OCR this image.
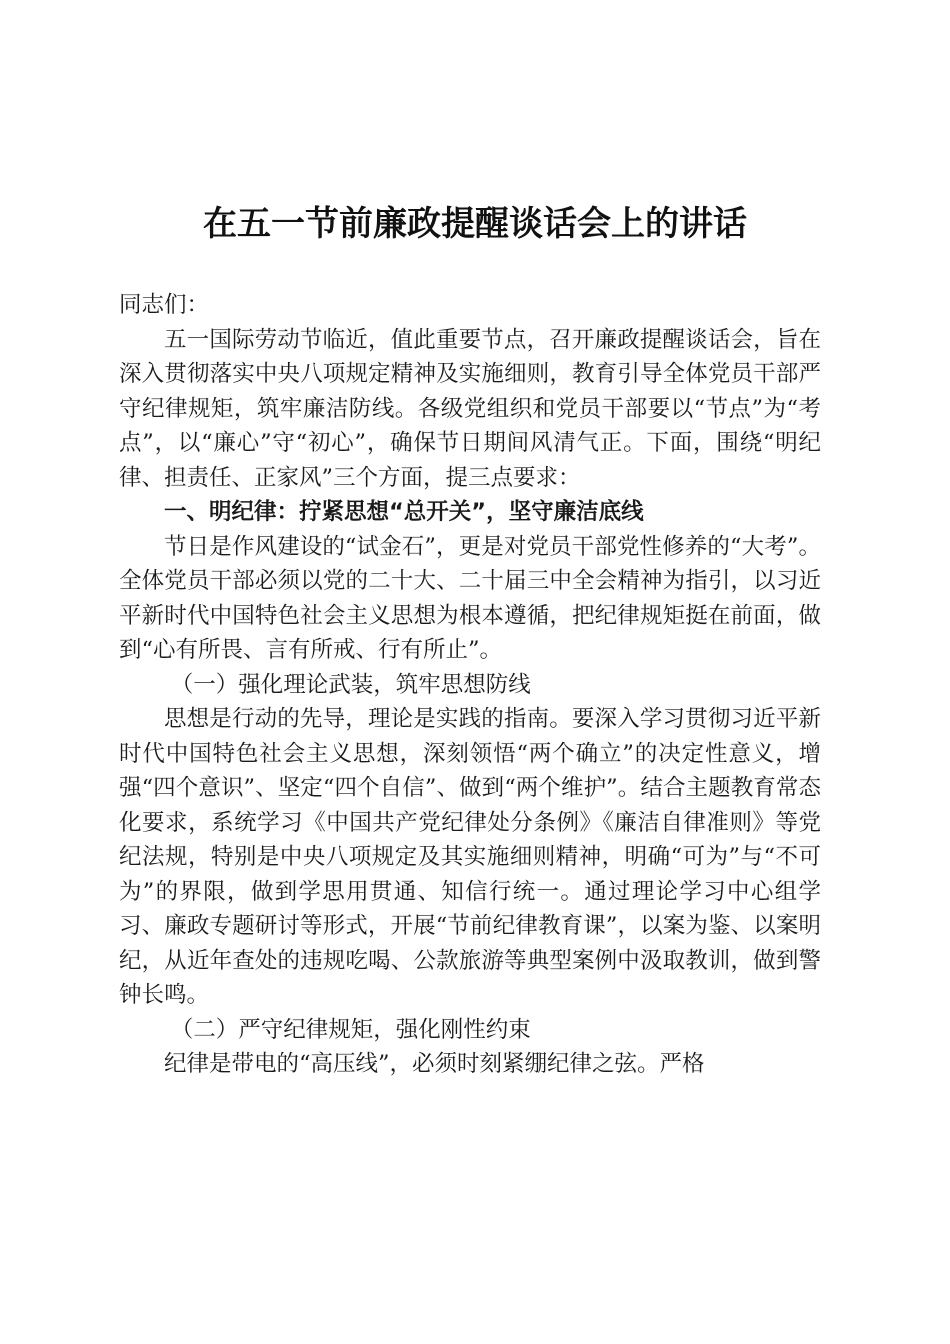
在五一节前廉政提醒谈话会上的讲话

同志们：

五一国际劳动节临近，值此重要节点，召开廉政提醒谈话会，旨在深入贯彻落实中央八项规定精神及实施细则，教育引导全体党员干部严守纪律规矩，筑牢廉洁防线。各级党组织和党员干部要以“节点”为“考点”，以“廉心”守“初心”，确保节日期间风清气正。下面，围绕“明纪律、担责任、正家风”三个方面，提三点要求：

一、明纪律：拧紧思想“总开关”，坚守廉洁底线

节日是作风建设的“试金石”，更是对党员干部党性修养的“大考”。全体党员干部必须以党的二十大、二十届三中全会精神为指引，以习近平新时代中国特色社会主义思想为根本遵循，把纪律规矩挺在前面，做到“心有所畏、言有所戒、行有所止”。

（一）强化理论武装，筑牢思想防线

思想是行动的先导，理论是实践的指南。要深入学习贯彻习近平新时代中国特色社会主义思想，深刻领悟“两个确立”的决定性意义，增强“四个意识”、坚定“四个自信”、做到“两个维护”。结合主题教育常态化要求，系统学习《中国共产党纪律处分条例》《廉洁自律准则》等党纪法规，特别是中央八项规定及其实施细则精神，明确“可为”与“不可为”的界限，做到学思用贯通、知信行统一。通过理论学习中心组学习、廉政专题研讨等形式，开展“节前纪律教育课”，以案为鉴、以案明纪，从近年查处的违规吃喝、公款旅游等典型案例中汲取教训，做到警钟长鸣。

（二）严守纪律规矩，强化刚性约束

纪律是带电的“高压线”，必须时刻紧绷纪律之弦。严格
